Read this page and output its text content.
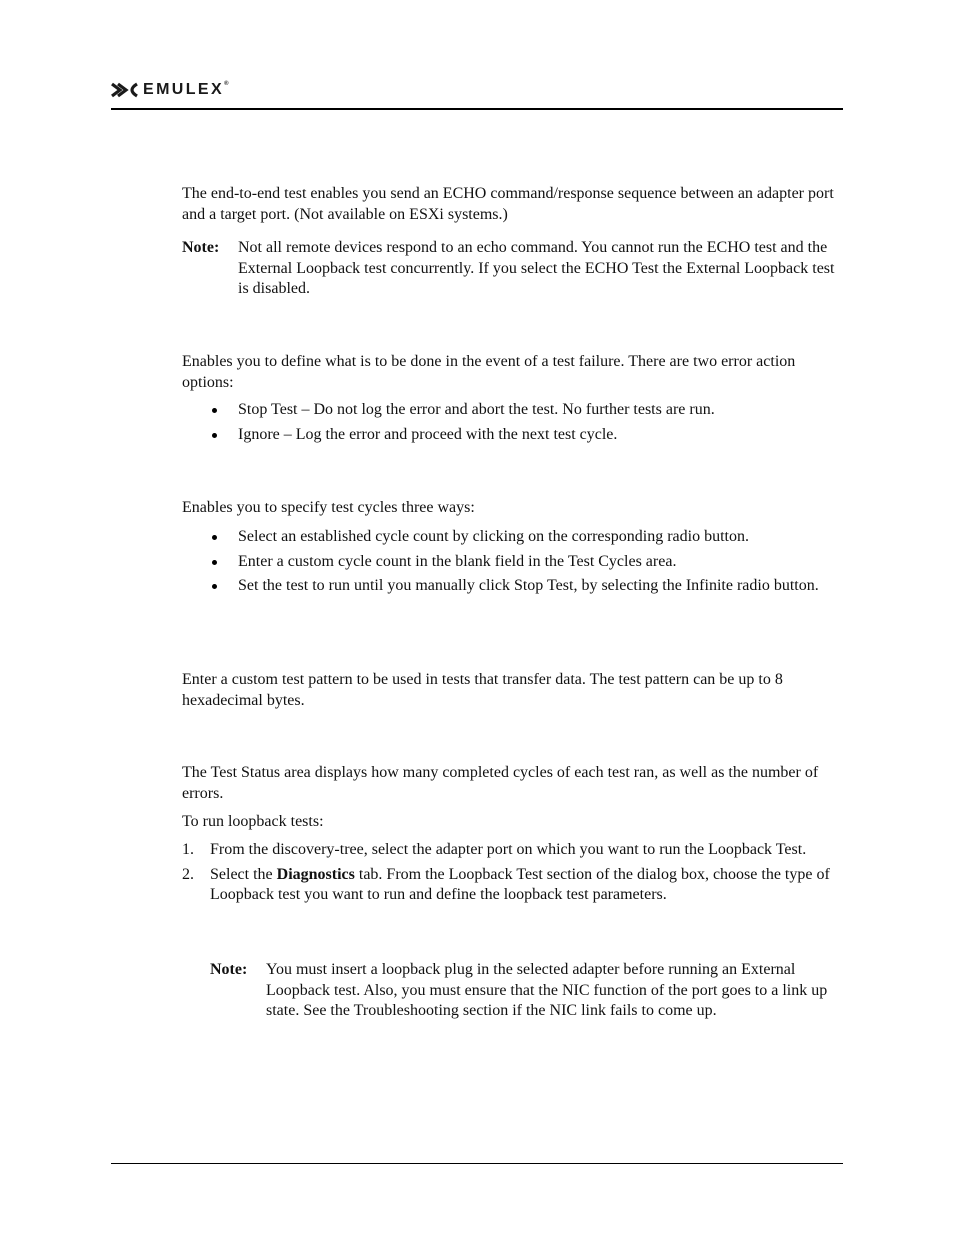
EMULEX®

The end-to-end test enables you send an ECHO command/response sequence between an adapter port and a target port. (Not available on ESXi systems.)

Note:	Not all remote devices respond to an echo command. You cannot run the ECHO test and the External Loopback test concurrently. If you select the ECHO Test the External Loopback test is disabled.

Enables you to define what is to be done in the event of a test failure. There are two error action options:

Stop Test – Do not log the error and abort the test. No further tests are run.
Ignore – Log the error and proceed with the next test cycle.

Enables you to specify test cycles three ways:

Select an established cycle count by clicking on the corresponding radio button.
Enter a custom cycle count in the blank field in the Test Cycles area.
Set the test to run until you manually click Stop Test, by selecting the Infinite radio button.

Enter a custom test pattern to be used in tests that transfer data. The test pattern can be up to 8 hexadecimal bytes.

The Test Status area displays how many completed cycles of each test ran, as well as the number of errors.

To run loopback tests:

1.	From the discovery-tree, select the adapter port on which you want to run the Loopback Test.
2.	Select the Diagnostics tab. From the Loopback Test section of the dialog box, choose the type of Loopback test you want to run and define the loopback test parameters.
Note:	You must insert a loopback plug in the selected adapter before running an External Loopback test. Also, you must ensure that the NIC function of the port goes to a link up state. See the Troubleshooting section if the NIC link fails to come up.
